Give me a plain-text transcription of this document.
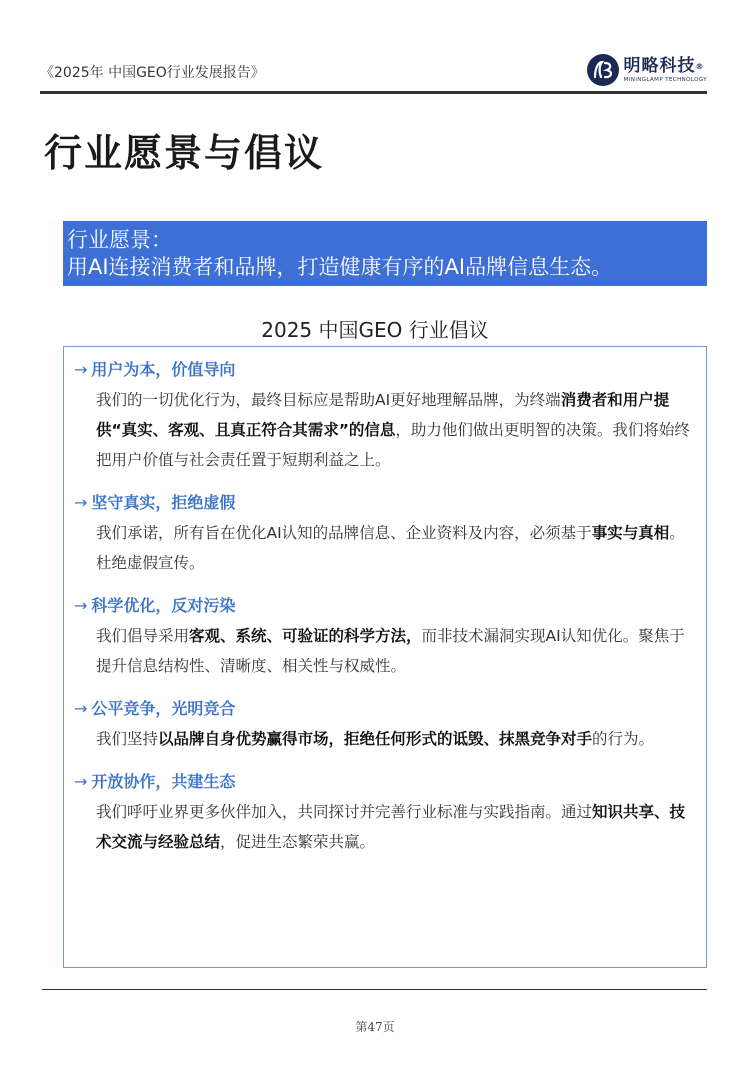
《2025年 中国GEO行业发展报告》	明略科技®
MININGLAMP TECHNOLOGY
行业愿景与倡议
行业愿景：
用AI连接消费者和品牌，打造健康有序的AI品牌信息生态。
2025 中国GEO 行业倡议
→ 用户为本，价值导向
我们的一切优化行为，最终目标应是帮助AI更好地理解品牌，为终端消费者和用户提供“真实、客观、且真正符合其需求”的信息，助力他们做出更明智的决策。我们将始终把用户价值与社会责任置于短期利益之上。
→ 坚守真实，拒绝虚假
我们承诺，所有旨在优化AI认知的品牌信息、企业资料及内容，必须基于事实与真相。杜绝虚假宣传。
→ 科学优化，反对污染
我们倡导采用客观、系统、可验证的科学方法，而非技术漏洞实现AI认知优化。聚焦于提升信息结构性、清晰度、相关性与权威性。
→ 公平竞争，光明竞合
我们坚持以品牌自身优势赢得市场，拒绝任何形式的诋毁、抹黑竞争对手的行为。
→ 开放协作，共建生态
我们呼吁业界更多伙伴加入，共同探讨并完善行业标准与实践指南。通过知识共享、技术交流与经验总结，促进生态繁荣共赢。
第47页
